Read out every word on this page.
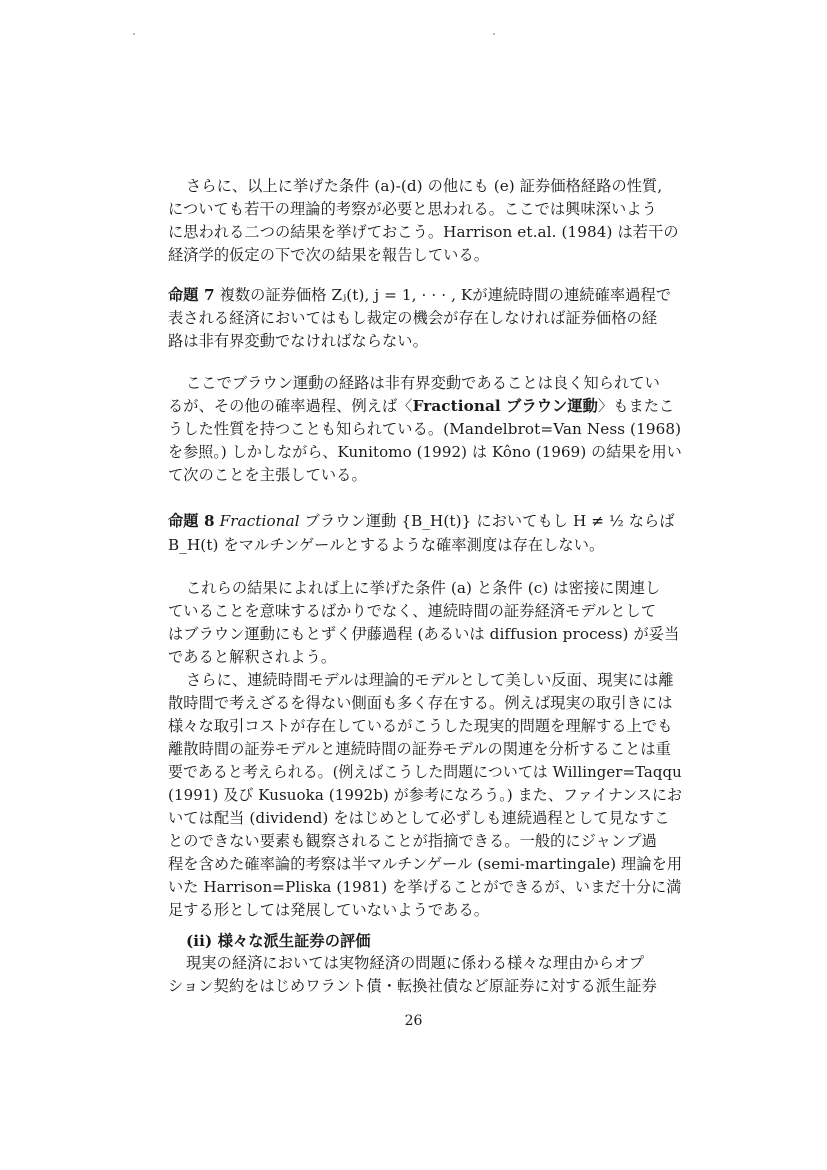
さらに、以上に挙げた条件 (a)-(d) の他にも (e) 証券価格経路の性質,
についても若干の理論的考察が必要と思われる。ここでは興味深いよう
に思われる二つの結果を挙げておこう。Harrison et.al. (1984) は若干の
経済学的仮定の下で次の結果を報告している。
命題 7 複数の証券価格 Zⱼ(t), j = 1, · · · , Kが連続時間の連続確率過程で
表される経済においてはもし裁定の機会が存在しなければ証券価格の経
路は非有界変動でなければならない。
ここでブラウン運動の経路は非有界変動であることは良く知られてい
るが、その他の確率過程、例えば〈Fractional ブラウン運動〉もまたこ
うした性質を持つことも知られている。(Mandelbrot=Van Ness (1968)
を参照。) しかしながら、Kunitomo (1992) は Kôno (1969) の結果を用い
て次のことを主張している。
命題 8 Fractional ブラウン運動 {B_H(t)} においてもし H ≠ ½ ならば
B_H(t) をマルチンゲールとするような確率測度は存在しない。
これらの結果によれば上に挙げた条件 (a) と条件 (c) は密接に関連し
ていることを意味するばかりでなく、連続時間の証券経済モデルとして
はブラウン運動にもとずく伊藤過程 (あるいは diffusion process) が妥当
であると解釈されよう。
さらに、連続時間モデルは理論的モデルとして美しい反面、現実には離
散時間で考えざるを得ない側面も多く存在する。例えば現実の取引きには
様々な取引コストが存在しているがこうした現実的問題を理解する上でも
離散時間の証券モデルと連続時間の証券モデルの関連を分析することは重
要であると考えられる。(例えばこうした問題については Willinger=Taqqu
(1991) 及び Kusuoka (1992b) が参考になろう。) また、ファイナンスにお
いては配当 (dividend) をはじめとして必ずしも連続過程として見なすこ
とのできない要素も観察されることが指摘できる。一般的にジャンプ過
程を含めた確率論的考察は半マルチンゲール (semi-martingale) 理論を用
いた Harrison=Pliska (1981) を挙げることができるが、いまだ十分に満
足する形としては発展していないようである。
(ii) 様々な派生証券の評価
現実の経済においては実物経済の問題に係わる様々な理由からオプ
ション契約をはじめワラント債・転換社債など原証券に対する派生証券
26
